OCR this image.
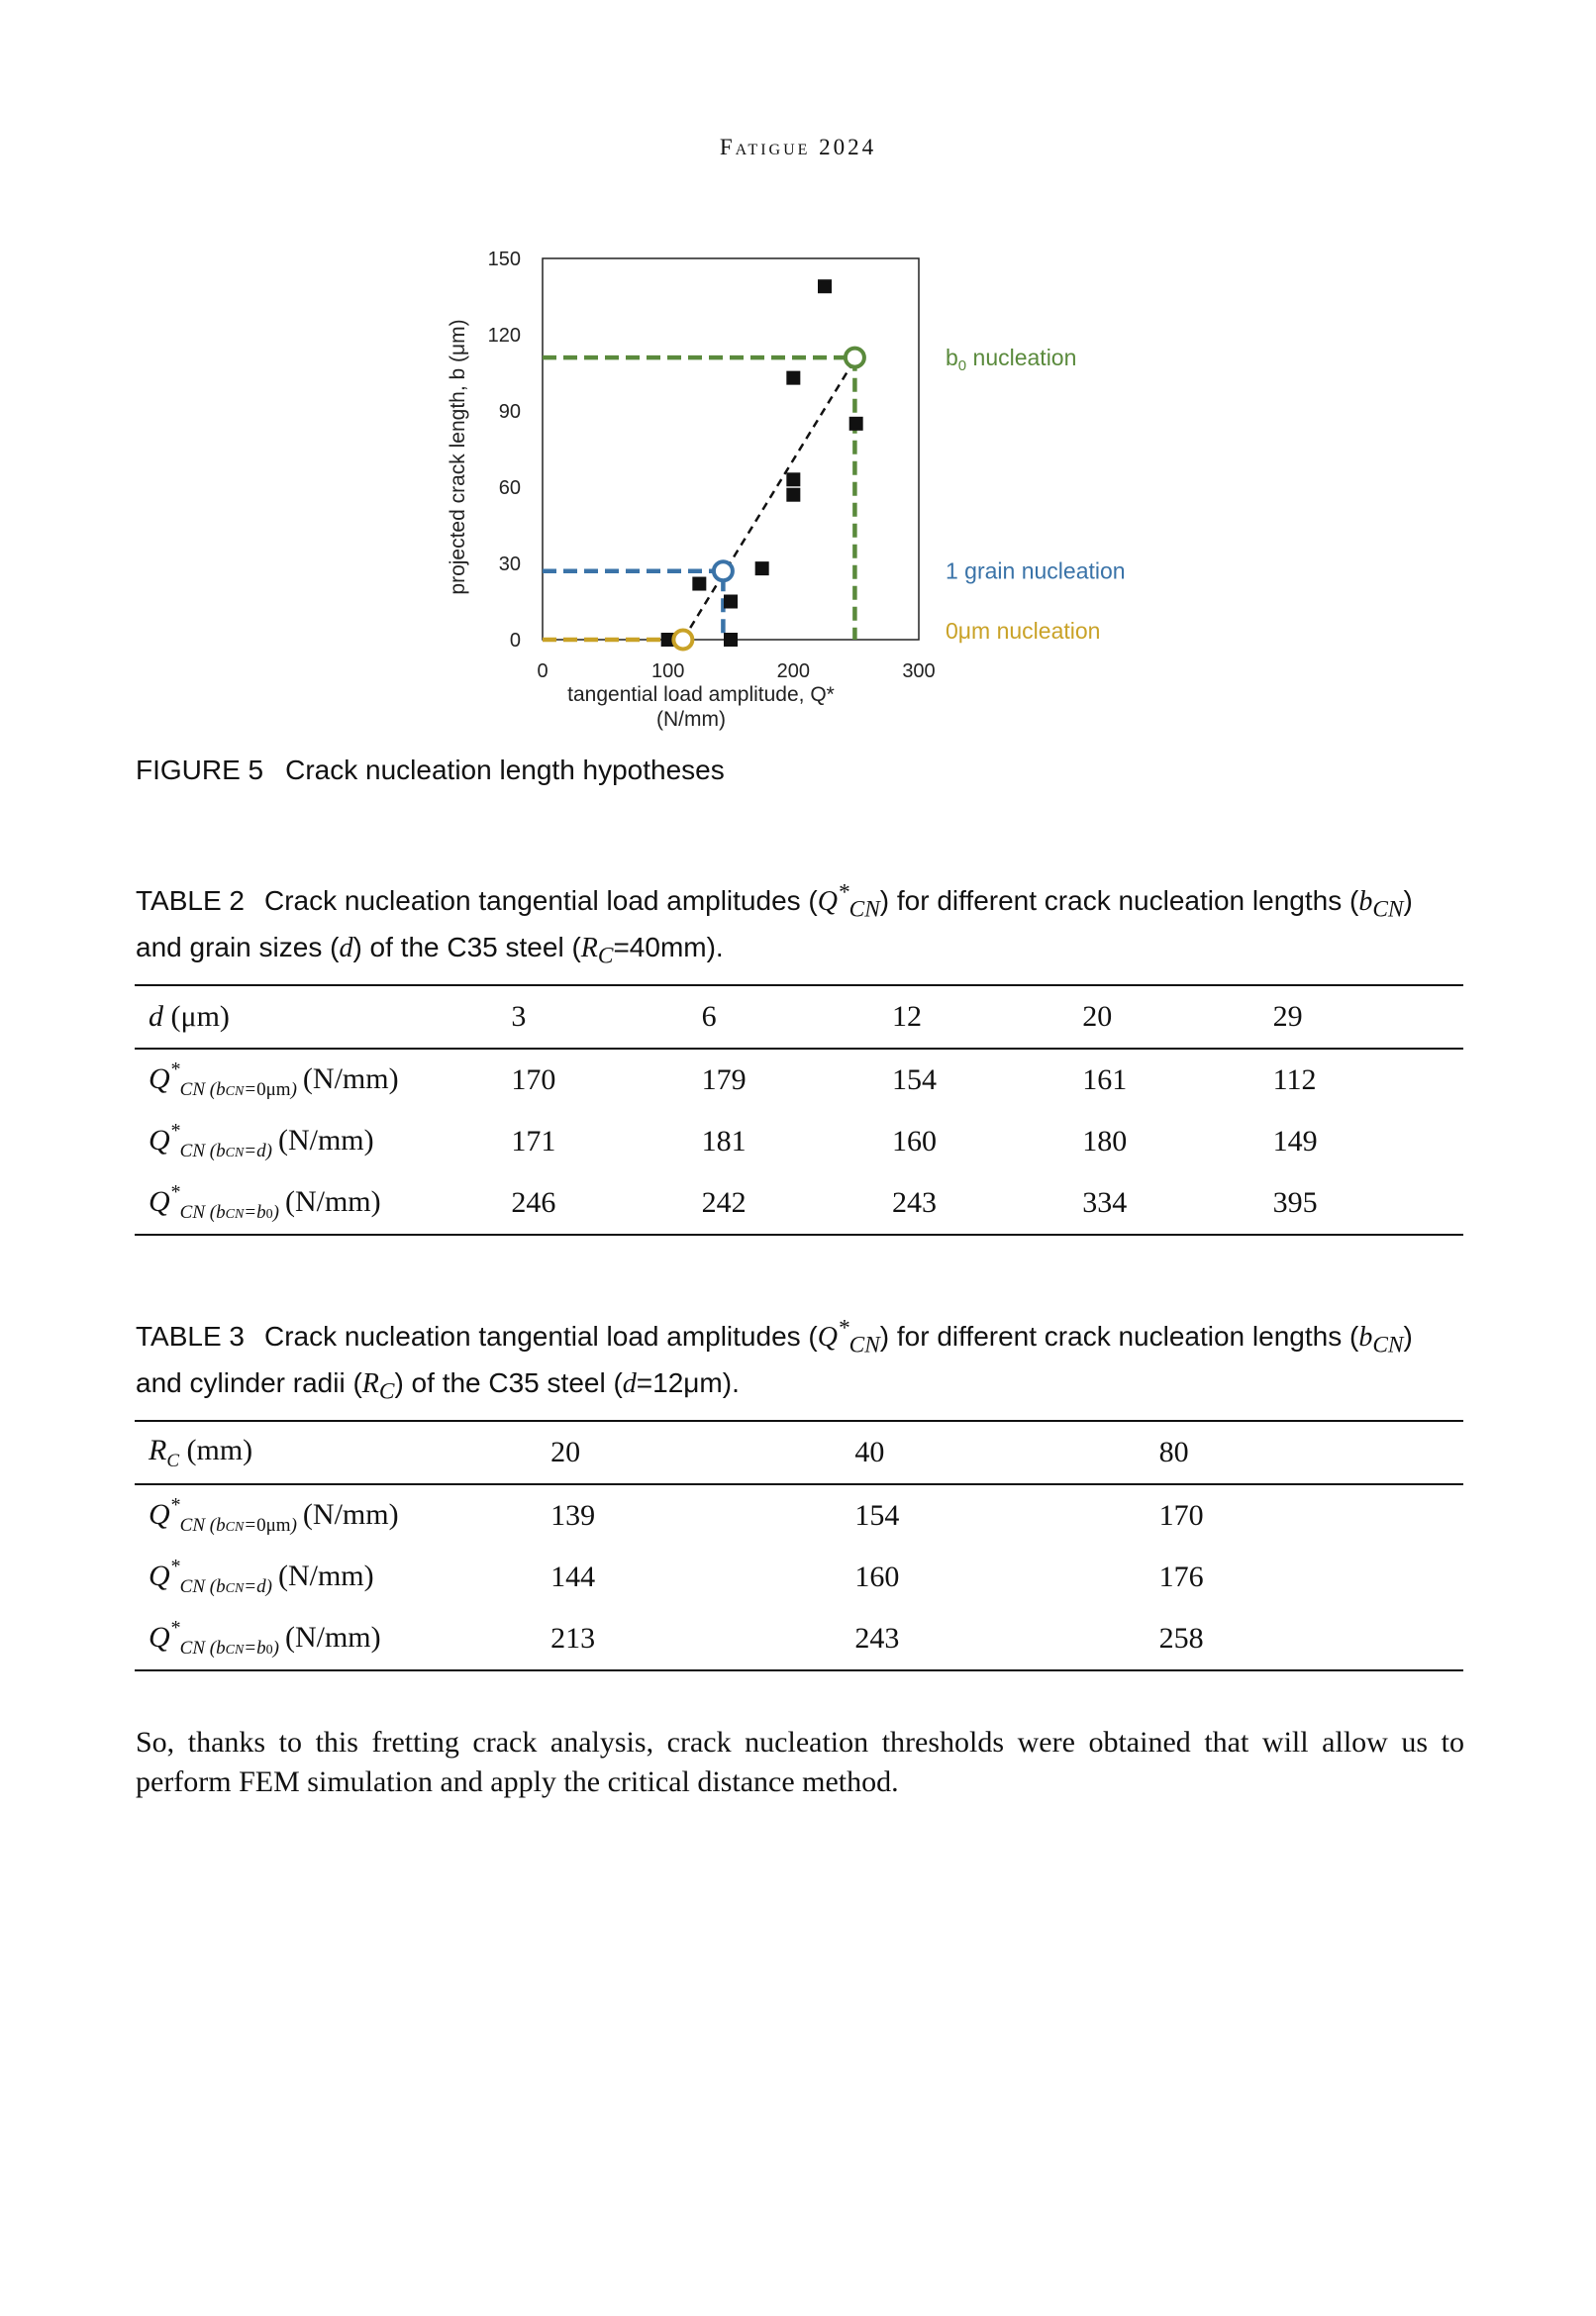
Fatigue 2024
0
30
60
90
120
150
0	100	200	300
tangential load amplitude, Q*
(N/mm)
projected crack length, b (μm)	$b_0$ nucleation
1 grain nucleation
0μm nucleation
FIGURE 5 Crack nucleation length hypotheses
TABLE 2 Crack nucleation tangential load amplitudes $(Q^*_{CN})$ for different crack nucleation lengths $(b_{CN})$ and grain sizes (d) of the C35 steel $(R_C=40mm)$.
d (μm)	3	6	12	20	29
$Q^*_{CN (bCN=0\mu m)}$ (N/mm)	170	179	154	161	112
$Q^*_{CN (bCN=d)}$ (N/mm)	171	181	160	180	149
$Q^*_{CN (bCN=b0)}$ (N/mm)	246	242	243	334	395
TABLE 3 Crack nucleation tangential load amplitudes $(Q^*_{CN})$ for different crack nucleation lengths $(b_{CN})$ and cylinder radii $(R_C)$ of the C35 steel (d=12μm).
$R_C$ (mm)	20	40	80
$Q^*_{CN (bCN=0\mu m)}$ (N/mm)	139	154	170
$Q^*_{CN (bCN=d)}$ (N/mm)	144	160	176
$Q^*_{CN (bCN=b0)}$ (N/mm)	213	243	258
So, thanks to this fretting crack analysis, crack nucleation thresholds were obtained that will allow us to perform FEM simulation and apply the critical distance method.
